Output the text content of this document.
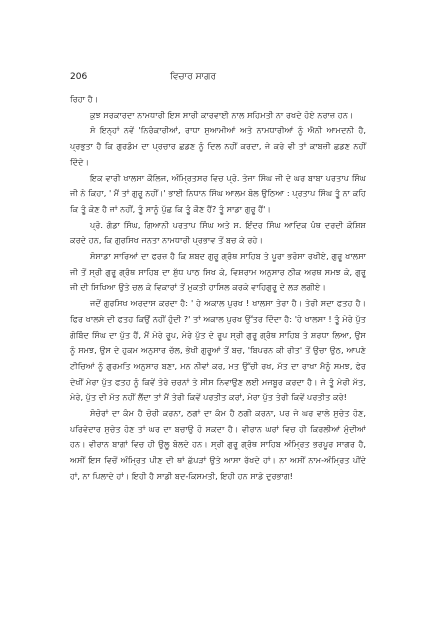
206	ਵਿਚਾਰ ਸਾਗਰ

ਰਿਹਾ ਹੈ।

ਕੁਝ ਸਰਕਾਰਦਾ ਨਾਮਧਾਰੀ ਇਸ ਸਾਰੀ ਕਾਰਵਾਈ ਨਾਲ ਸਹਿਮਤੀ ਨਾ ਰਖਦੇ ਹੋਏ ਨਰਾਜ਼ ਹਨ।

ਸੋ ਇਨ੍ਹਾਂ ਨਵੇਂ 'ਨਿਰੰਕਾਰੀਆਂ, ਰਾਧਾ ਸੁਆਮੀਆਂ ਅਤੇ ਨਾਮਧਾਰੀਆਂ ਨੂੰ ਐਨੀ ਆਮਦਨੀ ਹੈ, ਪ੍ਰਭੁਤਾ ਹੈ ਕਿ ਗੁਰਡੰਮ ਦਾ ਪ੍ਰਚਾਰ ਛਡਣ ਨੂੰ ਦਿਲ ਨਹੀਂ ਕਰਦਾ, ਜੇ ਕਰੇ ਵੀ ਤਾਂ ਕਾਬਜ਼ੀ ਛਡਣ ਨਹੀਂ ਦਿੰਦੇ।

ਇਕ ਵਾਰੀ ਖਾਲਸਾ ਕੌਲਿਜ, ਅੰਮ੍ਰਿਤਸਰ ਵਿਚ ਪ੍ਰੋ. ਤੇਜਾ ਸਿੰਘ ਜੀ ਦੇ ਘਰ ਬਾਬਾ ਪਰਤਾਪ ਸਿੰਘ ਜੀ ਨੇ ਕਿਹਾ, ' ਮੈਂ ਤਾਂ ਗੁਰੂ ਨਹੀਂ।' ਭਾਈ ਨਿਧਾਨ ਸਿੰਘ ਆਲਮ ਬੋਲ ਉਠਿਆ : ਪ੍ਰਤਾਪ ਸਿੰਘ ਤੂੰ ਨਾ ਕਹਿ ਕਿ ਤੂੰ ਕੋਣ ਹੈ ਜਾਂ ਨਹੀਂ, ਤੂੰ ਸਾਨੂੰ ਪੁੱਛ ਕਿ ਤੂੰ ਕੌਣ ਹੈਂ? ਤੂੰ ਸਾਡਾ ਗੁਰੂ ਹੈਂ'।

ਪ੍ਰੋ. ਗੰਡਾ ਸਿੰਘ, ਗਿਆਨੀ ਪਰਤਾਪ ਸਿੰਘ ਅਤੇ ਸ. ਇੰਦਰ ਸਿੰਘ ਆਦਿਕ ਪੰਥ ਦਰਦੀ ਕੋਸ਼ਿਸ਼ ਕਰਦੇ ਹਨ, ਕਿ ਗੁਰਸਿਖ ਜਨਤਾ ਨਾਮਧਾਰੀ ਪ੍ਰਭਾਵ ਤੋਂ ਬਚ ਕੇ ਰਹੇ।

ਸੋਸਾਡਾ ਸਾਰਿਆਂ ਦਾ ਫਰਜ਼ ਹੈ ਕਿ ਸ਼ਬਦ ਗੁਰੂ ਗ੍ਰੰਥ ਸਾਹਿਬ ਤੇ ਪੂਰਾ ਭਰੋਸਾ ਰਖੀਏ, ਗੁਰੂ ਖਾਲਸਾ ਜੀ ਤੋਂ ਸ੍ਰੀ ਗੁਰੂ ਗ੍ਰੰਥ ਸਾਹਿਬ ਦਾ ਸ਼ੁੱਧ ਪਾਠ ਸਿਖ ਕੇ, ਵਿਸ਼ਰਾਮ ਅਨੁਸਾਰ ਠੀਕ ਅਰਥ ਸਮਝ ਕੇ, ਗੁਰੂ ਜੀ ਦੀ ਸਿਖਿਆ ਉਤੇ ਚਲ ਕੇ ਵਿਕਾਰਾਂ ਤੋਂ ਮੁਕਤੀ ਹਾਸਿਲ ਕਰਕੇ ਵਾਹਿਗੁਰੂ ਦੇ ਲੜ ਲਗੀਏ।

ਜਦੋਂ ਗੁਰਸਿਖ ਅਰਦਾਸ ਕਰਦਾ ਹੈ: ' ਹੇ ਅਕਾਲ ਪੁਰਖ ! ਖਾਲਸਾ ਤੇਰਾ ਹੈ। ਤੇਰੀ ਸਦਾ ਫਤਹ ਹੈ। ਫਿਰ ਖਾਲਸੇ ਦੀ ਫਤਹ ਕਿਉਂ ਨਹੀਂ ਹੁੰਦੀ ?' ਤਾਂ ਅਕਾਲ ਪੁਰਖ ਉੱਤਰ ਦਿੰਦਾ ਹੈ: 'ਹੇ ਖਾਲਸਾ ! ਤੂੰ ਮੇਰੇ ਪੁੱਤ ਗੋਬਿੰਦ ਸਿੰਘ ਦਾ ਪੁੱਤ ਹੈਂ, ਮੈਂ ਮੇਰੇ ਰੂਪ, ਮੇਰੇ ਪੁੱਤ ਦੇ ਰੂਪ ਸ੍ਰੀ ਗੁਰੂ ਗ੍ਰੰਥ ਸਾਹਿਬ ਤੇ ਸ਼ਰਧਾ ਲਿਆ, ਉਸ ਨੂੰ ਸਮਝ, ਉਸ ਦੇ ਹੁਕਮ ਅਨੁਸਾਰ ਚੱਲ, ਭੇਖੀ ਗੁਰੂਆਂ ਤੋਂ ਬਚ, 'ਬਿਪਰਨ ਕੀ ਰੀਤ' ਤੋਂ ਉਚਾ ਉਠ, ਆਪਣੇ ਟੀਚਿਆਂ ਨੂੰ ਗੁਰਮਤਿ ਅਨੁਸਾਰ ਬਣਾ, ਮਨ ਨੀਵਾਂ ਕਰ, ਮਤ ਉੱਚੀ ਰਖ, ਮੱਤ ਦਾ ਰਾਖਾ ਮੈਨੂੰ ਸਮਝ, ਫੇਰ ਦੇਖੀਂ ਮੇਰਾ ਪੁੱਤ ਫਤਹ ਨੂੰ ਕਿਵੇਂ ਤੇਰੇ ਚਰਨਾਂ ਤੇ ਸੀਸ ਨਿਵਾਉਣ ਲਈ ਮਜਬੂਰ ਕਰਦਾ ਹੈ। ਜੇ ਤੂੰ ਮੇਰੀ ਮੱਤ, ਮੇਰੇ, ਪੁੱਤ ਦੀ ਮੱਤ ਨਹੀਂ ਲੈਂਦਾ ਤਾਂ ਮੈਂ ਤੇਰੀ ਕਿਵੇਂ ਪਰਤੀਤ ਕਰਾਂ, ਮੇਰਾ ਪੁੱਤ ਤੇਰੀ ਕਿਵੇਂ ਪਰਤੀਤ ਕਰੇ!

ਸੋਚੋਰਾਂ ਦਾ ਕੰਮ ਹੈ ਚੋਰੀ ਕਰਨਾ, ਠਗਾਂ ਦਾ ਕੰਮ ਹੈ ਠਗੀ ਕਰਨਾ, ਪਰ ਜੇ ਘਰ ਵਾਲੇ ਸੁਚੇਤ ਹੋਣ, ਪਰਿਵੇਦਾਰ ਸੁਚੇਤ ਹੋਣ ਤਾਂ ਘਰ ਦਾ ਬਚਾਉ ਹੋ ਸਕਦਾ ਹੈ। ਵੀਰਾਨ ਘਰਾਂ ਵਿਚ ਹੀ ਕਿਰਲੀਆਂ ਮੁੰਦੀਆਂ ਹਨ। ਵੀਰਾਨ ਬਾਗਾਂ ਵਿਚ ਹੀ ਉਲੂ ਬੋਲਦੇ ਹਨ। ਸ੍ਰੀ ਗੁਰੂ ਗ੍ਰੰਥ ਸਾਹਿਬ ਅੰਮ੍ਰਿਤ ਭਰਪੂਰ ਸਾਗਰ ਹੈ, ਅਸੀਂ ਇਸ ਵਿਚੋਂ ਅੰਮ੍ਰਿਤ ਪੀਣ ਦੀ ਥਾਂ ਛੱਪੜਾਂ ਉਤੇ ਆਸਾ ਰੱਖਦੇ ਹਾਂ। ਨਾ ਅਸੀਂ ਨਾਮ-ਅੰਮ੍ਰਿਤ ਪੀਂਦੇ ਹਾਂ, ਨਾ ਪਿਲਾਦੇ ਹਾਂ। ਇਹੀ ਹੈ ਸਾਡੀ ਬਦ-ਕਿਸਮਤੀ, ਇਹੀ ਹਨ ਸਾਡੇ ਦੁਰਭਾਗ!
